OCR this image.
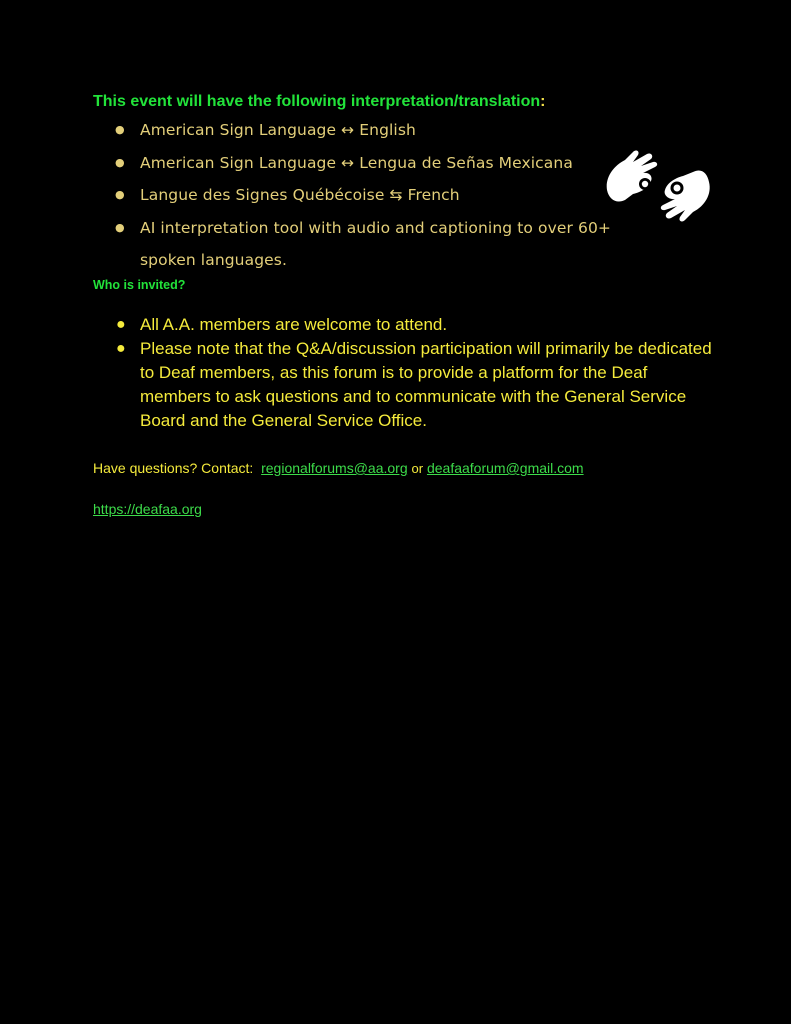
This event will have the following interpretation/translation:
● American Sign Language ↔ English
● American Sign Language ↔ Lengua de Señas Mexicana
● Langue des Signes Québécoise ⇆ French
● AI interpretation tool with audio and captioning to over 60+ spoken languages.
Who is invited?
● All A.A. members are welcome to attend.
● Please note that the Q&A/discussion participation will primarily be dedicated to Deaf members, as this forum is to provide a platform for the Deaf members to ask questions and to communicate with the General Service Board and the General Service Office.
Have questions? Contact: regionalforums@aa.org or deafaaforum@gmail.com
https://deafaa.org
